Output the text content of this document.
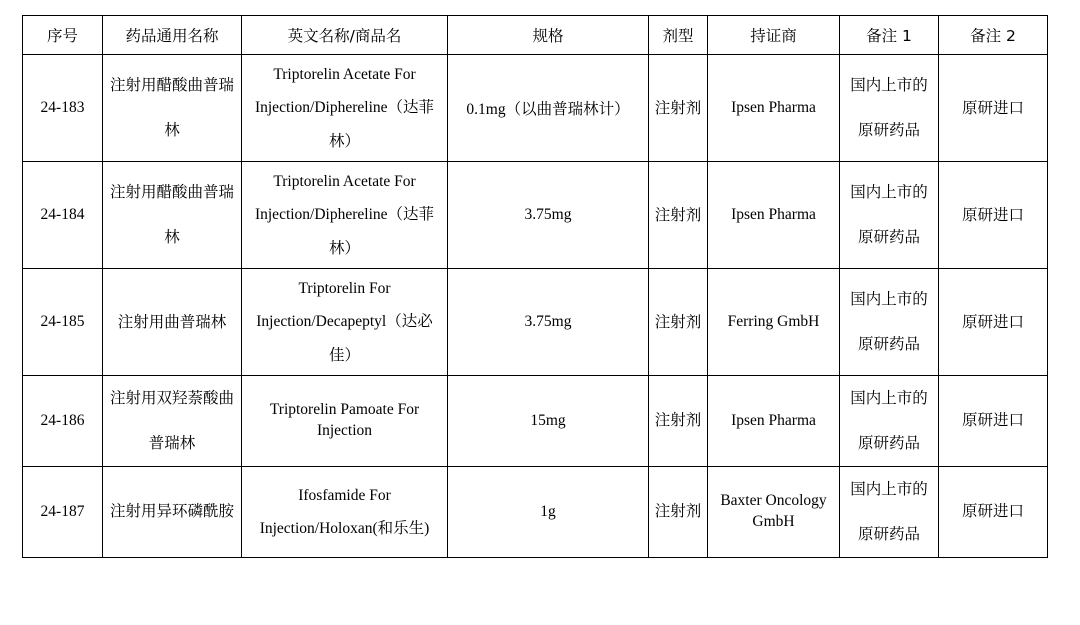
序号	药品通用名称	英文名称/商品名	规格	剂型	持证商	备注 1	备注 2
24-183	注射用醋酸曲普瑞林	Triptorelin Acetate For Injection/Diphereline（达菲林）	0.1mg（以曲普瑞林计）	注射剂	Ipsen Pharma	国内上市的原研药品	原研进口
24-184	注射用醋酸曲普瑞林	Triptorelin Acetate For Injection/Diphereline（达菲林）	3.75mg	注射剂	Ipsen Pharma	国内上市的原研药品	原研进口
24-185	注射用曲普瑞林	Triptorelin For Injection/Decapeptyl（达必佳）	3.75mg	注射剂	Ferring GmbH	国内上市的原研药品	原研进口
24-186	注射用双羟萘酸曲普瑞林	Triptorelin Pamoate For Injection	15mg	注射剂	Ipsen Pharma	国内上市的原研药品	原研进口
24-187	注射用异环磷酰胺	Ifosfamide For Injection/Holoxan(和乐生)	1g	注射剂	Baxter Oncology GmbH	国内上市的原研药品	原研进口
